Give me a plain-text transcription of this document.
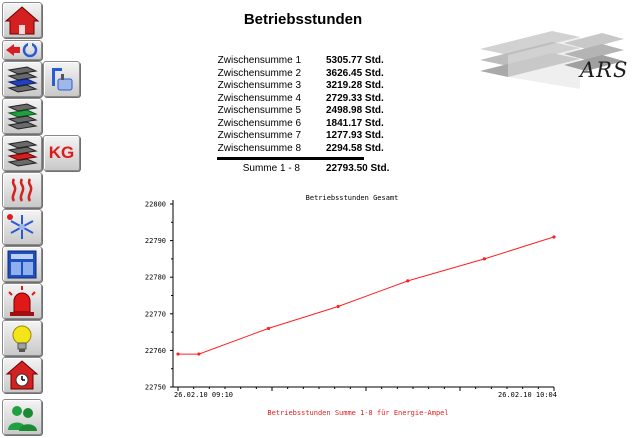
KG
Betriebsstunden
Zwischensumme 1	5305.77 Std.
Zwischensumme 2	3626.45 Std.
Zwischensumme 3	3219.28 Std.
Zwischensumme 4	2729.33 Std.
Zwischensumme 5	2498.98 Std.
Zwischensumme 6	1841.17 Std.
Zwischensumme 7	1277.93 Std.
Zwischensumme 8	2294.58 Std.
Summe 1 - 8	22793.50 Std.
ARS
Betriebsstunden Gesamt
22750
22760
22770
22780
22790
22800
26.02.10 09:10	26.02.10 10:04
Betriebsstunden Summe 1-8 für Energie-Ampel
